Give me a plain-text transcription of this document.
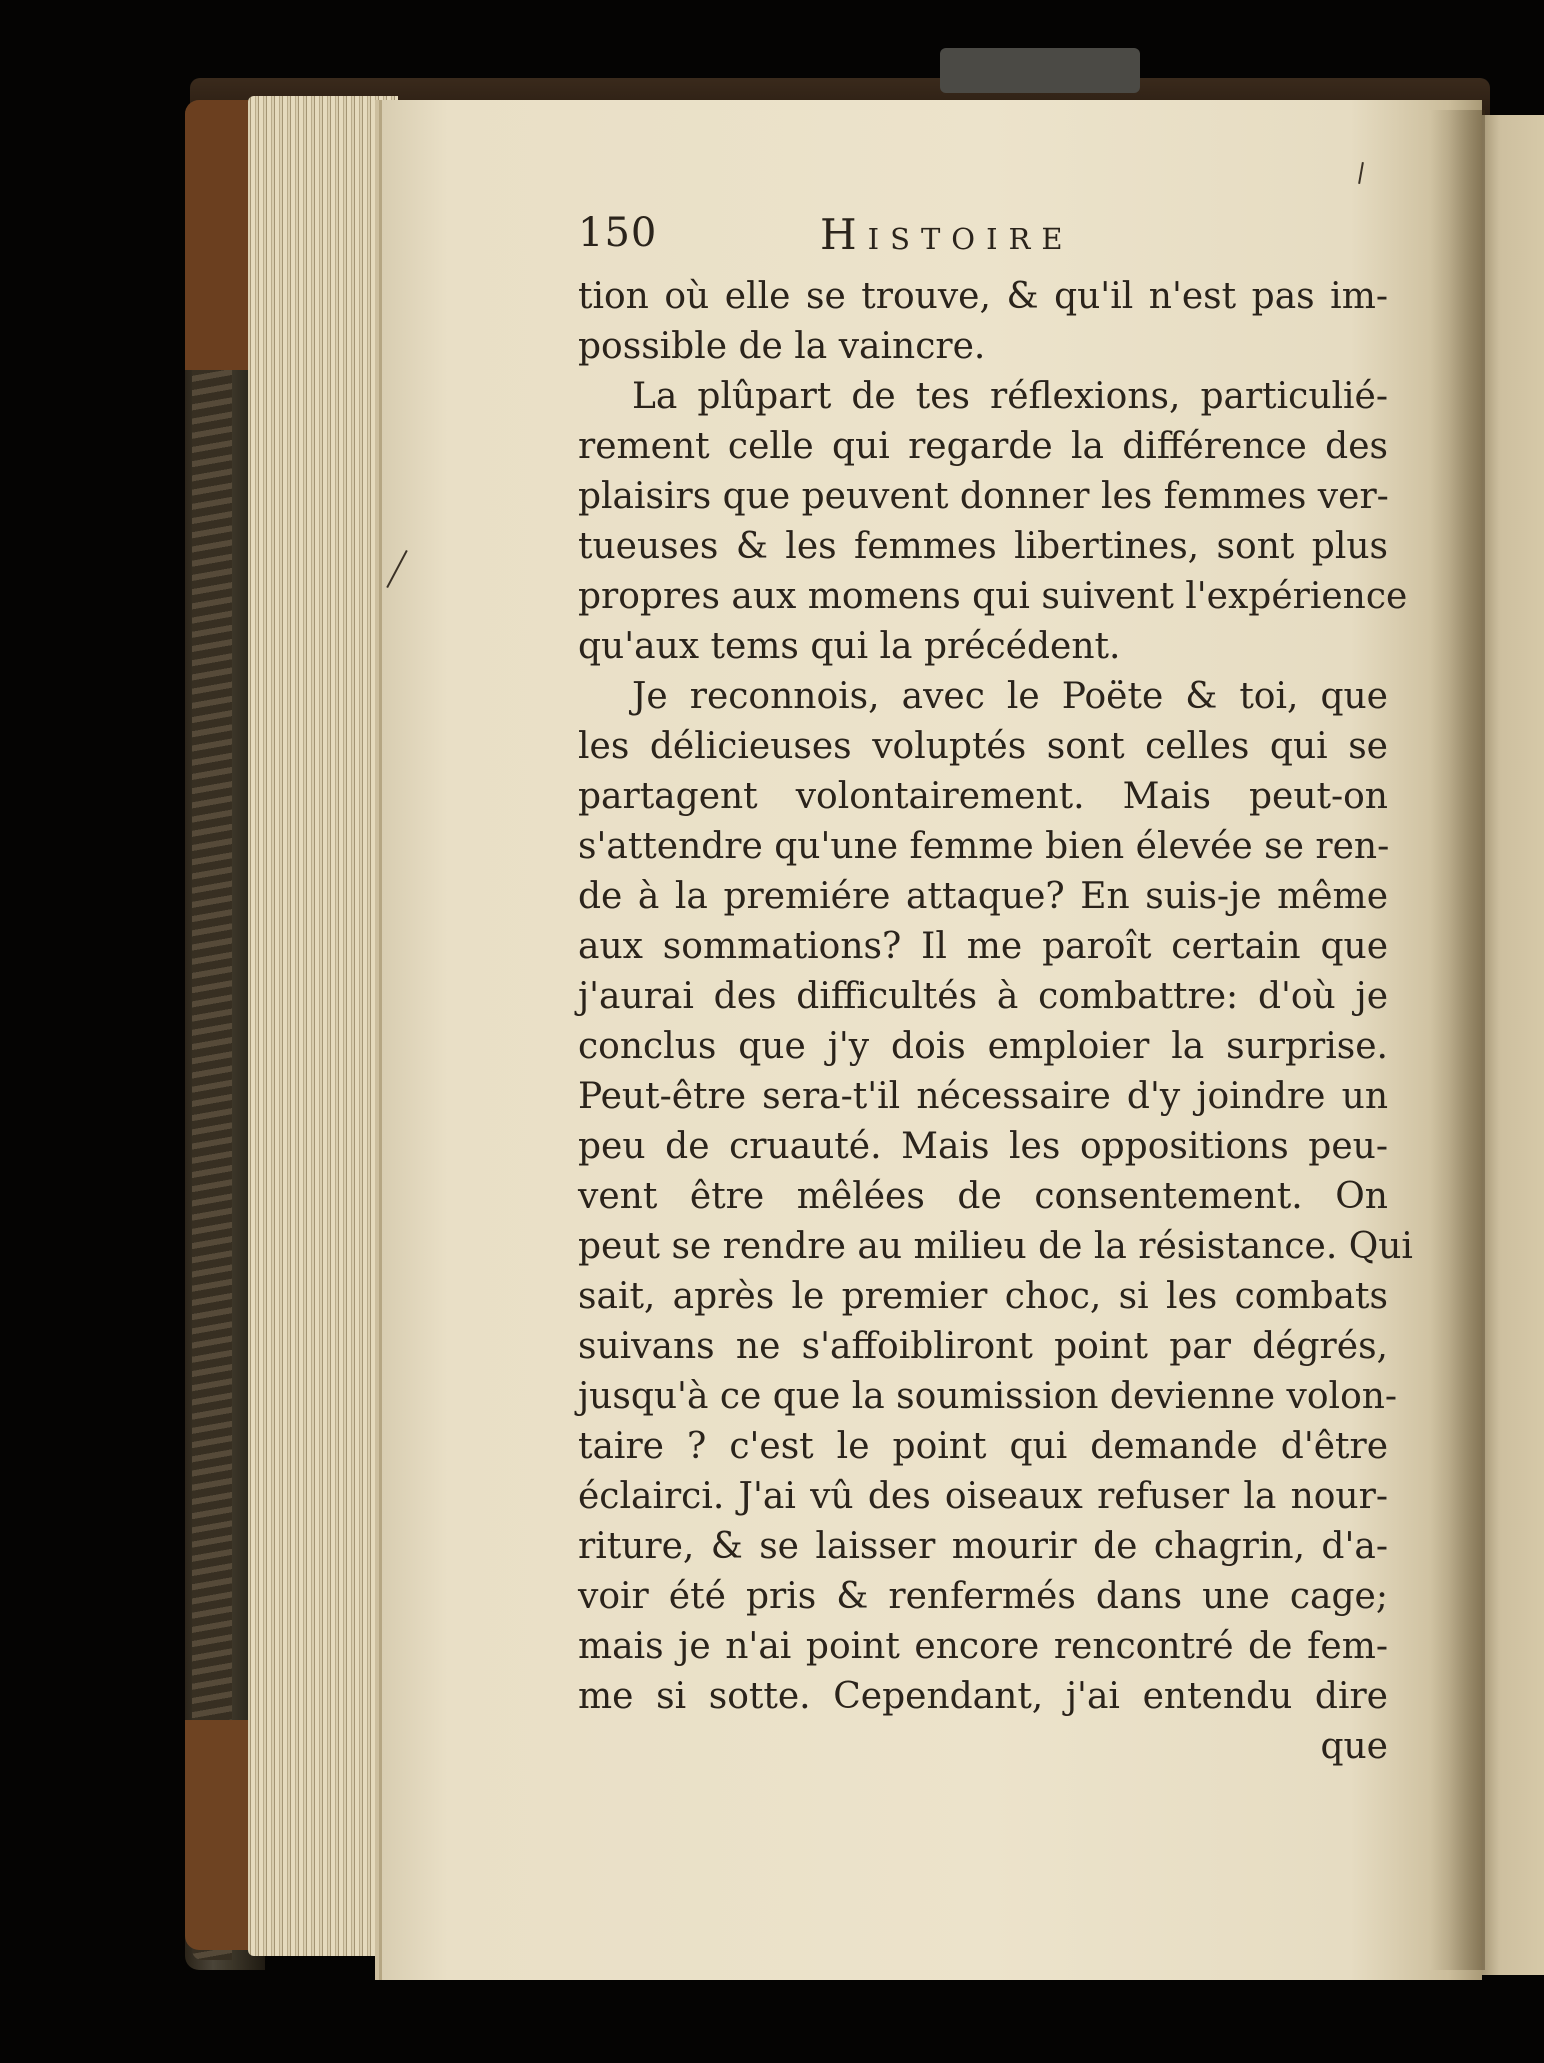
150	Histoire
tion où elle se trouve, & qu'il n'est pas im-
possible de la vaincre.
La plûpart de tes réflexions, particulié-
rement celle qui regarde la différence des
plaisirs que peuvent donner les femmes ver-
tueuses & les femmes libertines, sont plus
propres aux momens qui suivent l'expérience
qu'aux tems qui la précédent.
Je reconnois, avec le Poëte & toi, que
les délicieuses voluptés sont celles qui se
partagent volontairement. Mais peut-on
s'attendre qu'une femme bien élevée se ren-
de à la premiére attaque? En suis-je même
aux sommations? Il me paroît certain que
j'aurai des difficultés à combattre: d'où je
conclus que j'y dois emploier la surprise.
Peut-être sera-t'il nécessaire d'y joindre un
peu de cruauté. Mais les oppositions peu-
vent être mêlées de consentement. On
peut se rendre au milieu de la résistance. Qui
sait, après le premier choc, si les combats
suivans ne s'affoibliront point par dégrés,
jusqu'à ce que la soumission devienne volon-
taire ? c'est le point qui demande d'être
éclairci. J'ai vû des oiseaux refuser la nour-
riture, & se laisser mourir de chagrin, d'a-
voir été pris & renfermés dans une cage;
mais je n'ai point encore rencontré de fem-
me si sotte. Cependant, j'ai entendu dire
que
